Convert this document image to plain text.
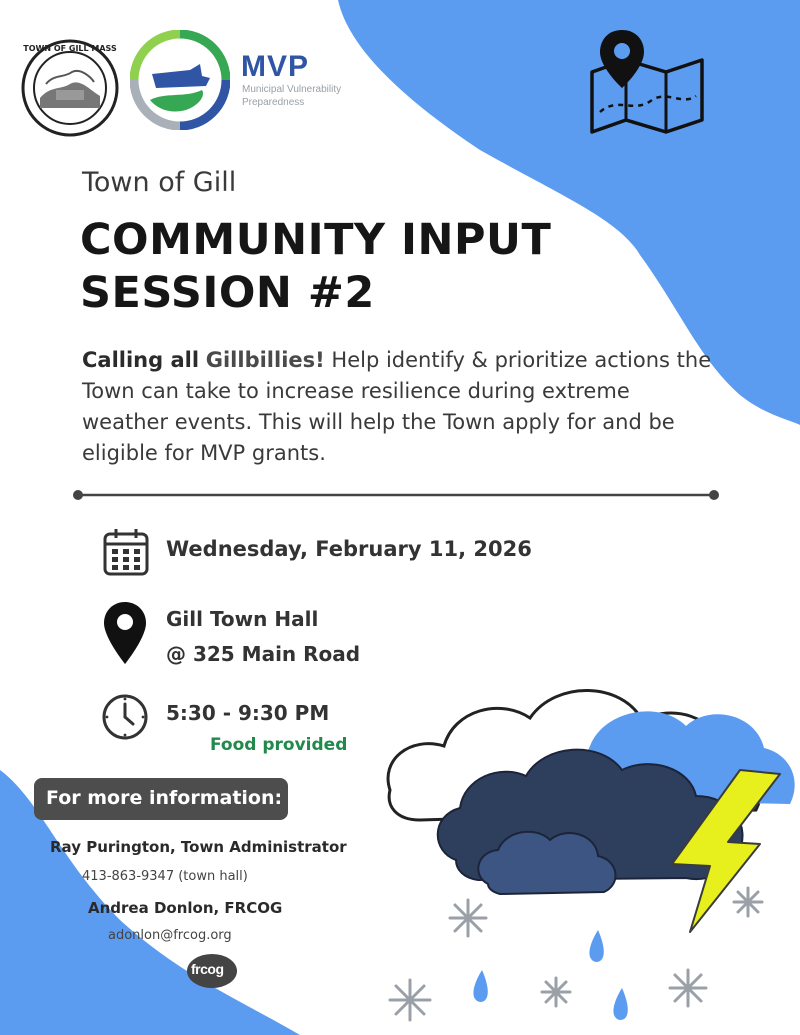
TOWN OF GILL MASS
MVP
Municipal Vulnerability
Preparedness
Town of Gill
COMMUNITY INPUT
SESSION #2
Calling all Gillbillies! Help identify & prioritize actions the Town can take to increase resilience during extreme weather events. This will help the Town apply for and be eligible for MVP grants.
Wednesday, February 11, 2026
Gill Town Hall
@ 325 Main Road
5:30 - 9:30 PM
Food provided
For more information:
Ray Purington, Town Administrator
413-863-9347 (town hall)
Andrea Donlon, FRCOG
adonlon@frcog.org
frcog
